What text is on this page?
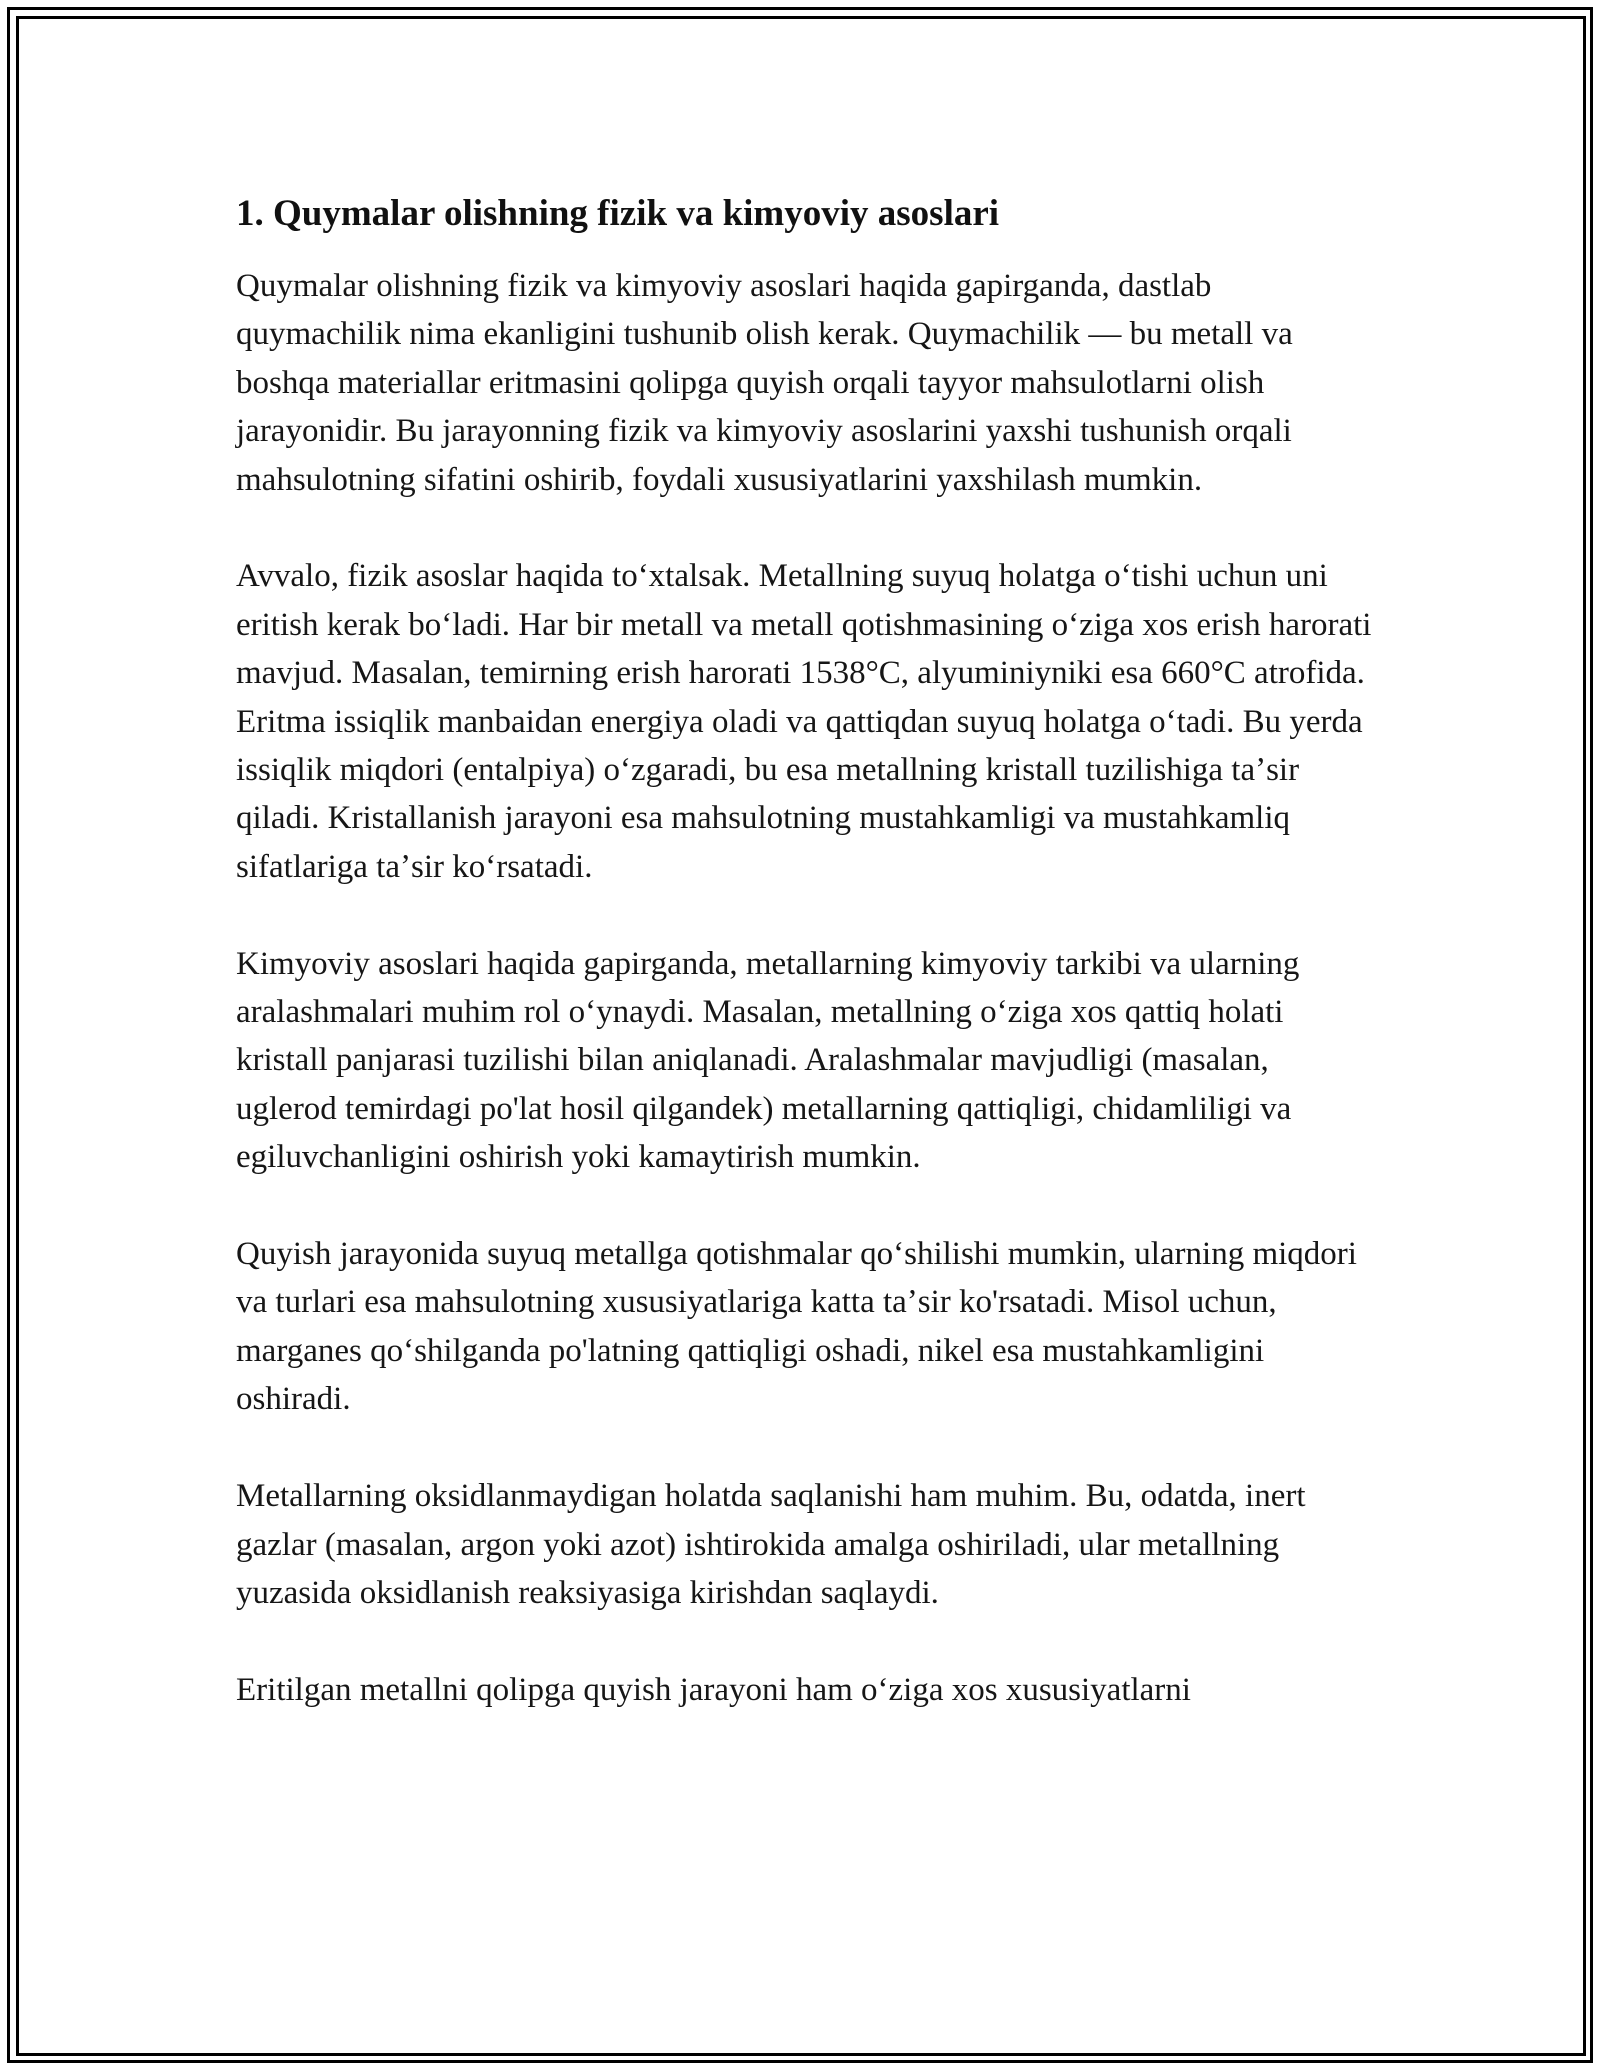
1. Quymalar olishning fizik va kimyoviy asoslari

Quymalar olishning fizik va kimyoviy asoslari haqida gapirganda, dastlab quymachilik nima ekanligini tushunib olish kerak. Quymachilik — bu metall va boshqa materiallar eritmasini qolipga quyish orqali tayyor mahsulotlarni olish jarayonidir. Bu jarayonning fizik va kimyoviy asoslarini yaxshi tushunish orqali mahsulotning sifatini oshirib, foydali xususiyatlarini yaxshilash mumkin.

Avvalo, fizik asoslar haqida toʻxtalsak. Metallning suyuq holatga oʻtishi uchun uni eritish kerak boʻladi. Har bir metall va metall qotishmasining oʻziga xos erish harorati mavjud. Masalan, temirning erish harorati 1538°C, alyuminiyniki esa 660°C atrofida. Eritma issiqlik manbaidan energiya oladi va qattiqdan suyuq holatga oʻtadi. Bu yerda issiqlik miqdori (entalpiya) oʻzgaradi, bu esa metallning kristall tuzilishiga taʼsir qiladi. Kristallanish jarayoni esa mahsulotning mustahkamligi va mustahkamliq sifatlariga taʼsir koʻrsatadi.

Kimyoviy asoslari haqida gapirganda, metallarning kimyoviy tarkibi va ularning aralashmalari muhim rol oʻynaydi. Masalan, metallning oʻziga xos qattiq holati kristall panjarasi tuzilishi bilan aniqlanadi. Aralashmalar mavjudligi (masalan, uglerod temirdagi po'lat hosil qilgandek) metallarning qattiqligi, chidamliligi va egiluvchanligini oshirish yoki kamaytirish mumkin.

Quyish jarayonida suyuq metallga qotishmalar qoʻshilishi mumkin, ularning miqdori va turlari esa mahsulotning xususiyatlariga katta taʼsir ko'rsatadi. Misol uchun, marganes qoʻshilganda po'latning qattiqligi oshadi, nikel esa mustahkamligini oshiradi.

Metallarning oksidlanmaydigan holatda saqlanishi ham muhim. Bu, odatda, inert gazlar (masalan, argon yoki azot) ishtirokida amalga oshiriladi, ular metallning yuzasida oksidlanish reaksiyasiga kirishdan saqlaydi.

Eritilgan metallni qolipga quyish jarayoni ham oʻziga xos xususiyatlarni
